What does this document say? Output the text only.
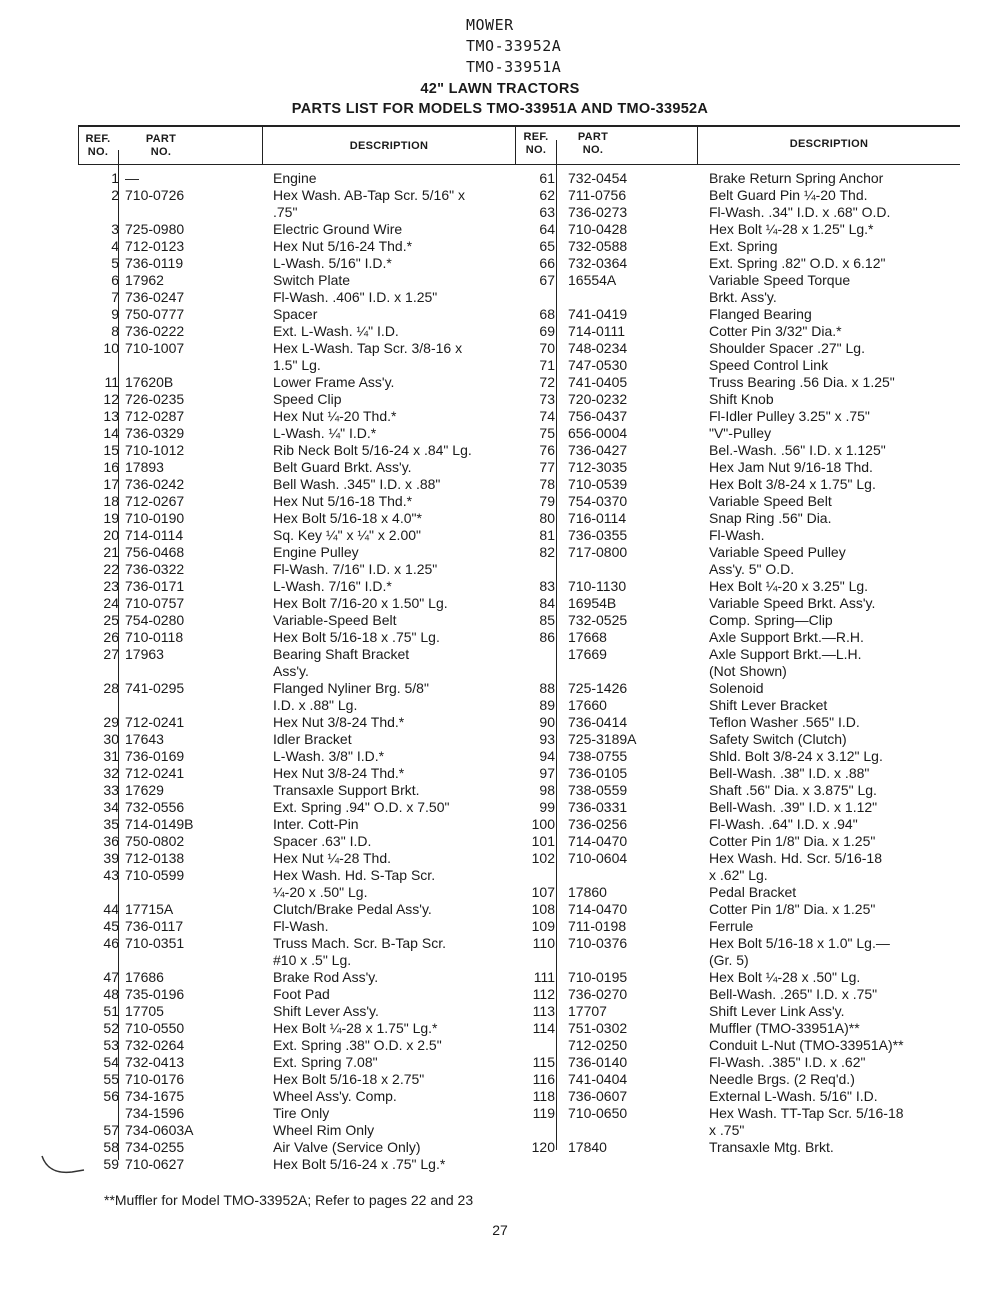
MOWER
TMO-33952A
TMO-33951A
42" LAWN TRACTORS
PARTS LIST FOR MODELS TMO-33951A AND TMO-33952A
REF.
NO.
PART
NO.	DESCRIPTION
REF.
NO.
PART
NO.	DESCRIPTION
1 —	Engine
2 710-0726	Hex Wash. AB-Tap Scr. 5/16" x
.75"
3 725-0980	Electric Ground Wire
4 712-0123	Hex Nut 5/16-24 Thd.*
5 736-0119	L-Wash. 5/16" I.D.*
6 17962	Switch Plate
7 736-0247	Fl-Wash. .406" I.D. x 1.25"
9 750-0777	Spacer
8 736-0222	Ext. L-Wash. ¼" I.D.
10 710-1007	Hex L-Wash. Tap Scr. 3/8-16 x
1.5" Lg.
11 17620B	Lower Frame Ass'y.
12 726-0235	Speed Clip
13 712-0287	Hex Nut ¼-20 Thd.*
14 736-0329	L-Wash. ¼" I.D.*
15 710-1012	Rib Neck Bolt 5/16-24 x .84" Lg.
16 17893	Belt Guard Brkt. Ass'y.
17 736-0242	Bell Wash. .345" I.D. x .88"
18 712-0267	Hex Nut 5/16-18 Thd.*
19 710-0190	Hex Bolt 5/16-18 x 4.0"*
20 714-0114	Sq. Key ¼" x ¼" x 2.00"
21 756-0468	Engine Pulley
22 736-0322	Fl-Wash. 7/16" I.D. x 1.25"
23 736-0171	L-Wash. 7/16" I.D.*
24 710-0757	Hex Bolt 7/16-20 x 1.50" Lg.
25 754-0280	Variable-Speed Belt
26 710-0118	Hex Bolt 5/16-18 x .75" Lg.
27 17963	Bearing Shaft Bracket
Ass'y.
28 741-0295	Flanged Nyliner Brg. 5/8"
I.D. x .88" Lg.
29 712-0241	Hex Nut 3/8-24 Thd.*
30 17643	Idler Bracket
31 736-0169	L-Wash. 3/8" I.D.*
32 712-0241	Hex Nut 3/8-24 Thd.*
33 17629	Transaxle Support Brkt.
34 732-0556	Ext. Spring .94" O.D. x 7.50"
35 714-0149B	Inter. Cott-Pin
36 750-0802	Spacer .63" I.D.
39 712-0138	Hex Nut ¼-28 Thd.
43 710-0599	Hex Wash. Hd. S-Tap Scr.
¼-20 x .50" Lg.
44 17715A	Clutch/Brake Pedal Ass'y.
45 736-0117	Fl-Wash.
46 710-0351	Truss Mach. Scr. B-Tap Scr.
#10 x .5" Lg.
47 17686	Brake Rod Ass'y.
48 735-0196	Foot Pad
51 17705	Shift Lever Ass'y.
52 710-0550	Hex Bolt ¼-28 x 1.75" Lg.*
53 732-0264	Ext. Spring .38" O.D. x 2.5"
54 732-0413	Ext. Spring 7.08"
55 710-0176	Hex Bolt 5/16-18 x 2.75"
56 734-1675	Wheel Ass'y. Comp.
734-1596	Tire Only
57 734-0603A	Wheel Rim Only
58 734-0255	Air Valve (Service Only)
59 710-0627	Hex Bolt 5/16-24 x .75" Lg.*
61 732-0454	Brake Return Spring Anchor
62 711-0756	Belt Guard Pin ¼-20 Thd.
63 736-0273	Fl-Wash. .34" I.D. x .68" O.D.
64 710-0428	Hex Bolt ¼-28 x 1.25" Lg.*
65 732-0588	Ext. Spring
66 732-0364	Ext. Spring .82" O.D. x 6.12"
67 16554A	Variable Speed Torque
Brkt. Ass'y.
68 741-0419	Flanged Bearing
69 714-0111	Cotter Pin 3/32" Dia.*
70 748-0234	Shoulder Spacer .27" Lg.
71 747-0530	Speed Control Link
72 741-0405	Truss Bearing .56 Dia. x 1.25"
73 720-0232	Shift Knob
74 756-0437	Fl-Idler Pulley 3.25" x .75"
75 656-0004	"V"-Pulley
76 736-0427	Bel.-Wash. .56" I.D. x 1.125"
77 712-3035	Hex Jam Nut 9/16-18 Thd.
78 710-0539	Hex Bolt 3/8-24 x 1.75" Lg.
79 754-0370	Variable Speed Belt
80 716-0114	Snap Ring .56" Dia.
81 736-0355	Fl-Wash.
82 717-0800	Variable Speed Pulley
Ass'y. 5" O.D.
83 710-1130	Hex Bolt ¼-20 x 3.25" Lg.
84 16954B	Variable Speed Brkt. Ass'y.
85 732-0525	Comp. Spring—Clip
86 17668	Axle Support Brkt.—R.H.
17669	Axle Support Brkt.—L.H.
(Not Shown)
88 725-1426	Solenoid
89 17660	Shift Lever Bracket
90 736-0414	Teflon Washer .565" I.D.
93 725-3189A	Safety Switch (Clutch)
94 738-0755	Shld. Bolt 3/8-24 x 3.12" Lg.
97 736-0105	Bell-Wash. .38" I.D. x .88"
98 738-0559	Shaft .56" Dia. x 3.875" Lg.
99 736-0331	Bell-Wash. .39" I.D. x 1.12"
100 736-0256	Fl-Wash. .64" I.D. x .94"
101 714-0470	Cotter Pin 1/8" Dia. x 1.25"
102 710-0604	Hex Wash. Hd. Scr. 5/16-18
x .62" Lg.
107 17860	Pedal Bracket
108 714-0470	Cotter Pin 1/8" Dia. x 1.25"
109 711-0198	Ferrule
110 710-0376	Hex Bolt 5/16-18 x 1.0" Lg.—
(Gr. 5)
111 710-0195	Hex Bolt ¼-28 x .50" Lg.
112 736-0270	Bell-Wash. .265" I.D. x .75"
113 17707	Shift Lever Link Ass'y.
114 751-0302	Muffler (TMO-33951A)**
712-0250	Conduit L-Nut (TMO-33951A)**
115 736-0140	Fl-Wash. .385" I.D. x .62"
116 741-0404	Needle Brgs. (2 Req'd.)
118 736-0607	External L-Wash. 5/16" I.D.
119 710-0650	Hex Wash. TT-Tap Scr. 5/16-18
x .75"
120 17840	Transaxle Mtg. Brkt.
**Muffler for Model TMO-33952A; Refer to pages 22 and 23
27
